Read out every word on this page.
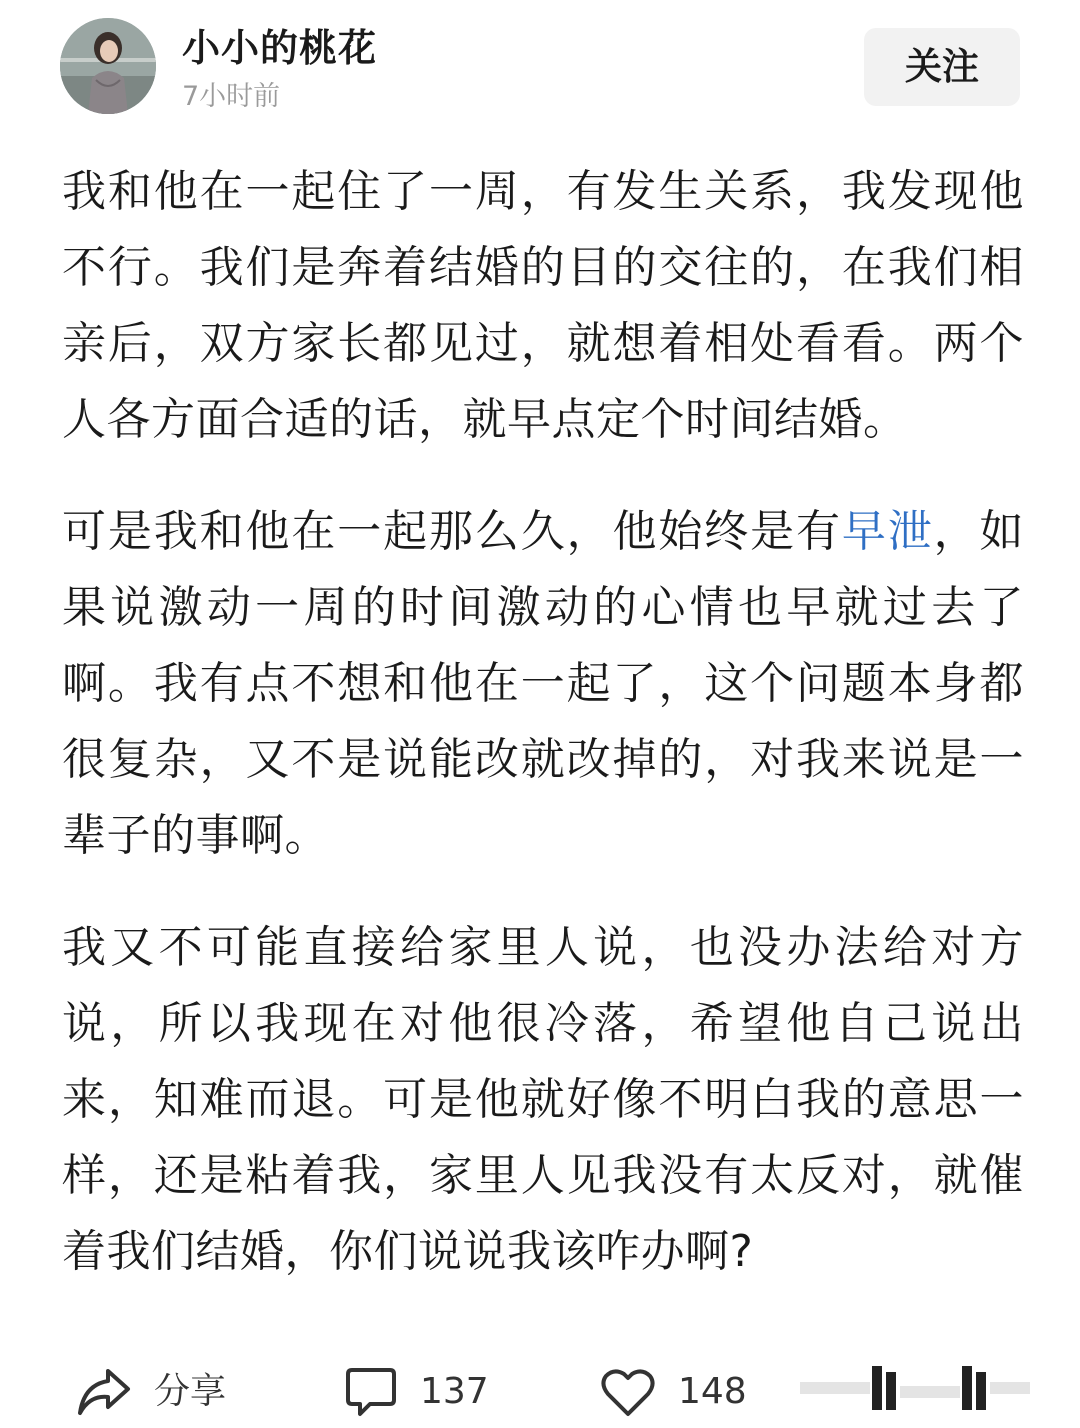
小小的桃花
7小时前
关注

我和他在一起住了一周，有发生关系，我发现他不行。我们是奔着结婚的目的交往的，在我们相亲后，双方家长都见过，就想着相处看看。两个人各方面合适的话，就早点定个时间结婚。

可是我和他在一起那么久，他始终是有早泄，如果说激动一周的时间激动的心情也早就过去了啊。我有点不想和他在一起了，这个问题本身都很复杂，又不是说能改就改掉的，对我来说是一辈子的事啊。

我又不可能直接给家里人说，也没办法给对方说，所以我现在对他很冷落，希望他自己说出来，知难而退。可是他就好像不明白我的意思一样，还是粘着我，家里人见我没有太反对，就催着我们结婚，你们说说我该咋办啊?

分享	137	148
